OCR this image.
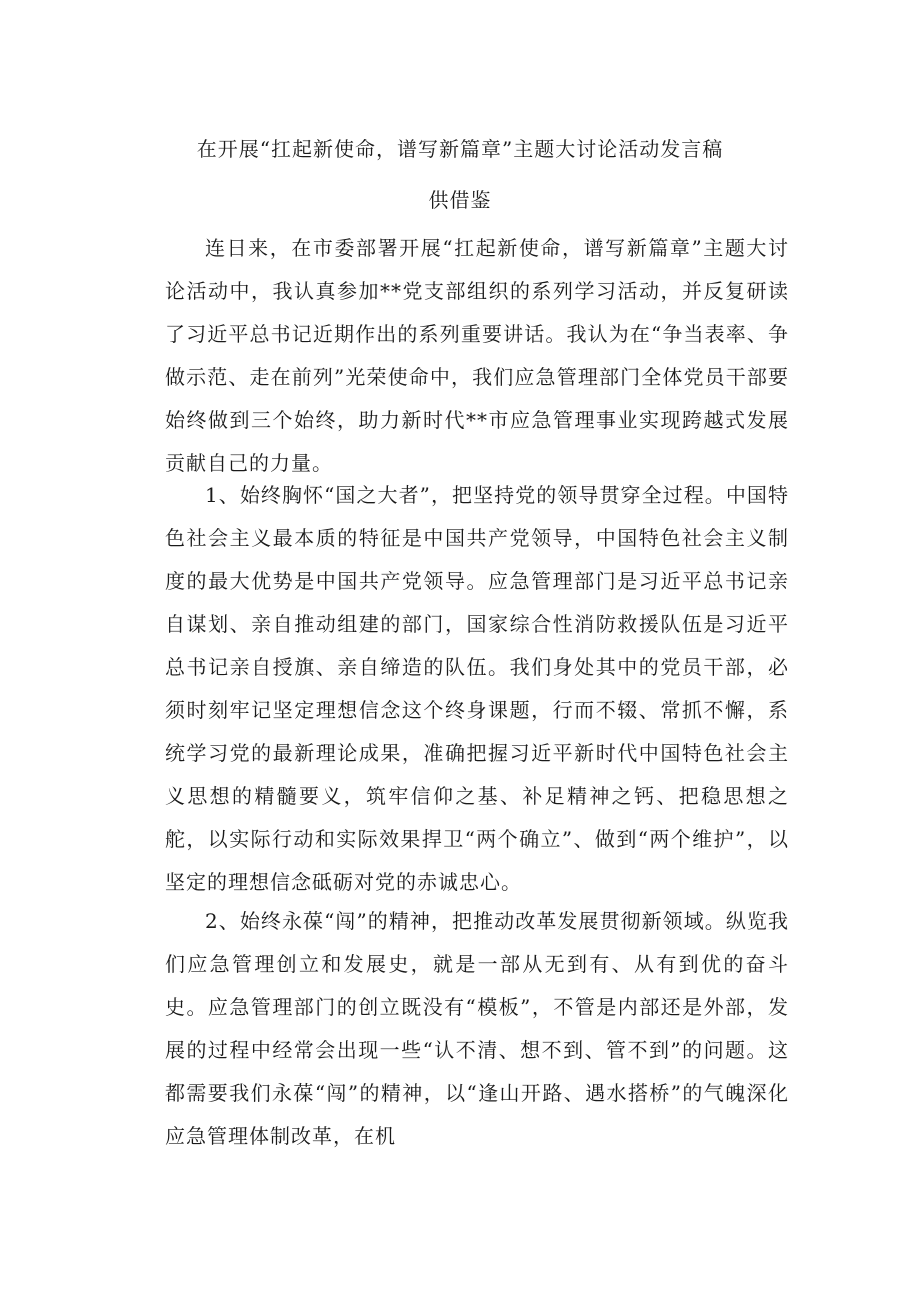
在开展“扛起新使命，谱写新篇章”主题大讨论活动发言稿
供借鉴

连日来，在市委部署开展“扛起新使命，谱写新篇章”主题大讨论活动中，我认真参加**党支部组织的系列学习活动，并反复研读了习近平总书记近期作出的系列重要讲话。我认为在“争当表率、争做示范、走在前列”光荣使命中，我们应急管理部门全体党员干部要始终做到三个始终，助力新时代**市应急管理事业实现跨越式发展贡献自己的力量。

1、始终胸怀“国之大者”，把坚持党的领导贯穿全过程。中国特色社会主义最本质的特征是中国共产党领导，中国特色社会主义制度的最大优势是中国共产党领导。应急管理部门是习近平总书记亲自谋划、亲自推动组建的部门，国家综合性消防救援队伍是习近平总书记亲自授旗、亲自缔造的队伍。我们身处其中的党员干部，必须时刻牢记坚定理想信念这个终身课题，行而不辍、常抓不懈，系统学习党的最新理论成果，准确把握习近平新时代中国特色社会主义思想的精髓要义，筑牢信仰之基、补足精神之钙、把稳思想之舵，以实际行动和实际效果捍卫“两个确立”、做到“两个维护”，以坚定的理想信念砥砺对党的赤诚忠心。

2、始终永葆“闯”的精神，把推动改革发展贯彻新领域。纵览我们应急管理创立和发展史，就是一部从无到有、从有到优的奋斗史。应急管理部门的创立既没有“模板”，不管是内部还是外部，发展的过程中经常会出现一些“认不清、想不到、管不到”的问题。这都需要我们永葆“闯”的精神，以“逢山开路、遇水搭桥”的气魄深化应急管理体制改革，在机
